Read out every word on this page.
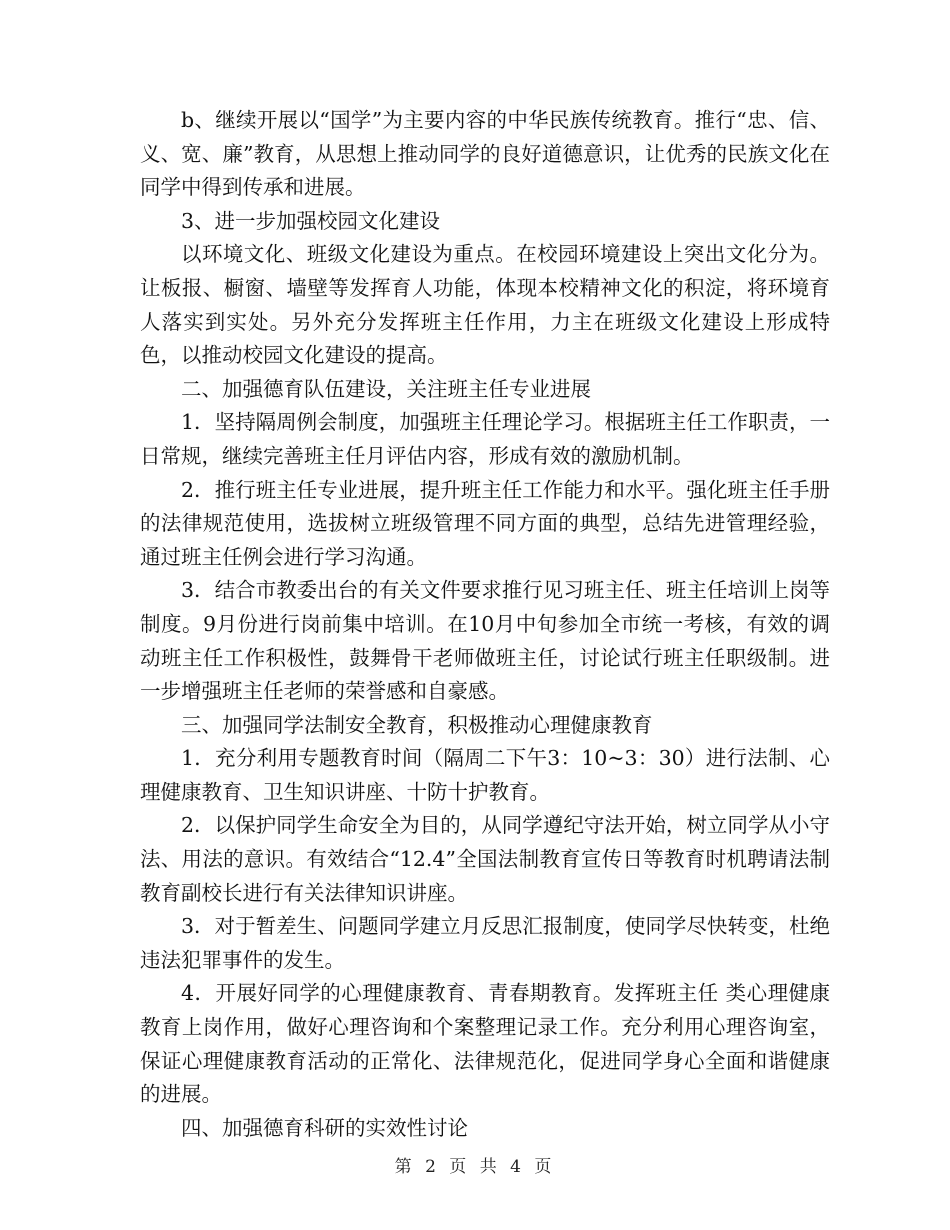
b、继续开展以“国学”为主要内容的中华民族传统教育。推行“忠、信、义、宽、廉”教育，从思想上推动同学的良好道德意识，让优秀的民族文化在同学中得到传承和进展。

3、进一步加强校园文化建设

以环境文化、班级文化建设为重点。在校园环境建设上突出文化分为。让板报、橱窗、墙壁等发挥育人功能，体现本校精神文化的积淀，将环境育人落实到实处。另外充分发挥班主任作用，力主在班级文化建设上形成特色，以推动校园文化建设的提高。

二、加强德育队伍建设，关注班主任专业进展

1．坚持隔周例会制度，加强班主任理论学习。根据班主任工作职责，一日常规，继续完善班主任月评估内容，形成有效的激励机制。

2．推行班主任专业进展，提升班主任工作能力和水平。强化班主任手册的法律规范使用，选拔树立班级管理不同方面的典型，总结先进管理经验，通过班主任例会进行学习沟通。

3．结合市教委出台的有关文件要求推行见习班主任、班主任培训上岗等制度。9月份进行岗前集中培训。在10月中旬参加全市统一考核，有效的调动班主任工作积极性，鼓舞骨干老师做班主任，讨论试行班主任职级制。进一步增强班主任老师的荣誉感和自豪感。

三、加强同学法制安全教育，积极推动心理健康教育

1．充分利用专题教育时间（隔周二下午3：10~3：30）进行法制、心理健康教育、卫生知识讲座、十防十护教育。

2．以保护同学生命安全为目的，从同学遵纪守法开始，树立同学从小守法、用法的意识。有效结合“12.4”全国法制教育宣传日等教育时机聘请法制教育副校长进行有关法律知识讲座。

3．对于暂差生、问题同学建立月反思汇报制度，使同学尽快转变，杜绝违法犯罪事件的发生。

4．开展好同学的心理健康教育、青春期教育。发挥班主任 类心理健康教育上岗作用，做好心理咨询和个案整理记录工作。充分利用心理咨询室，保证心理健康教育活动的正常化、法律规范化，促进同学身心全面和谐健康的进展。

四、加强德育科研的实效性讨论

第 2 页 共 4 页
